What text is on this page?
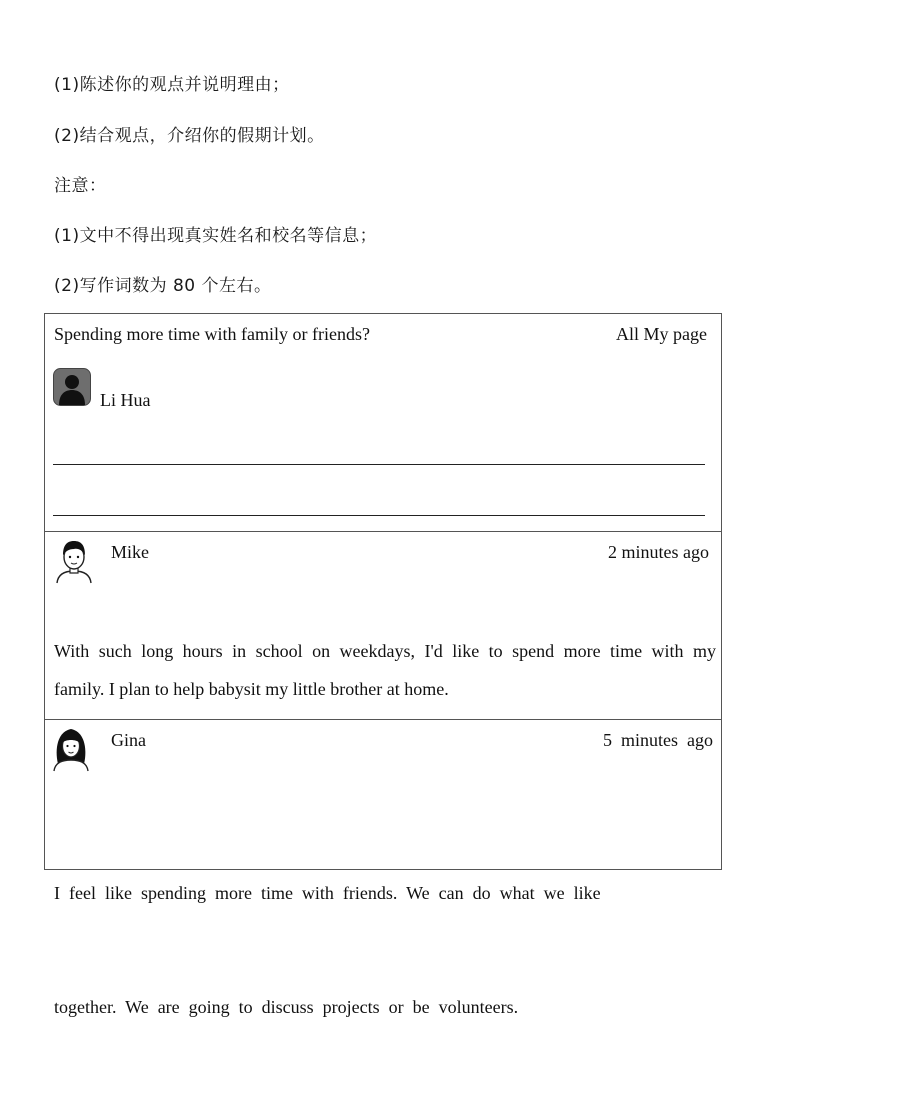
(1)陈述你的观点并说明理由；
(2)结合观点，介绍你的假期计划。
注意：
(1)文中不得出现真实姓名和校名等信息；
(2)写作词数为 80 个左右。
Spending more time with family or friends?	All My page
Li Hua
Mike	2 minutes ago
With such long hours in school on weekdays, I'd like to spend more time with my
family. I plan to help babysit my little brother at home.
Gina	5  minutes  ago

I  feel  like  spending  more  time  with  friends.  We  can  do  what  we  like

together.  We  are  going  to  discuss  projects  or  be  volunteers.
